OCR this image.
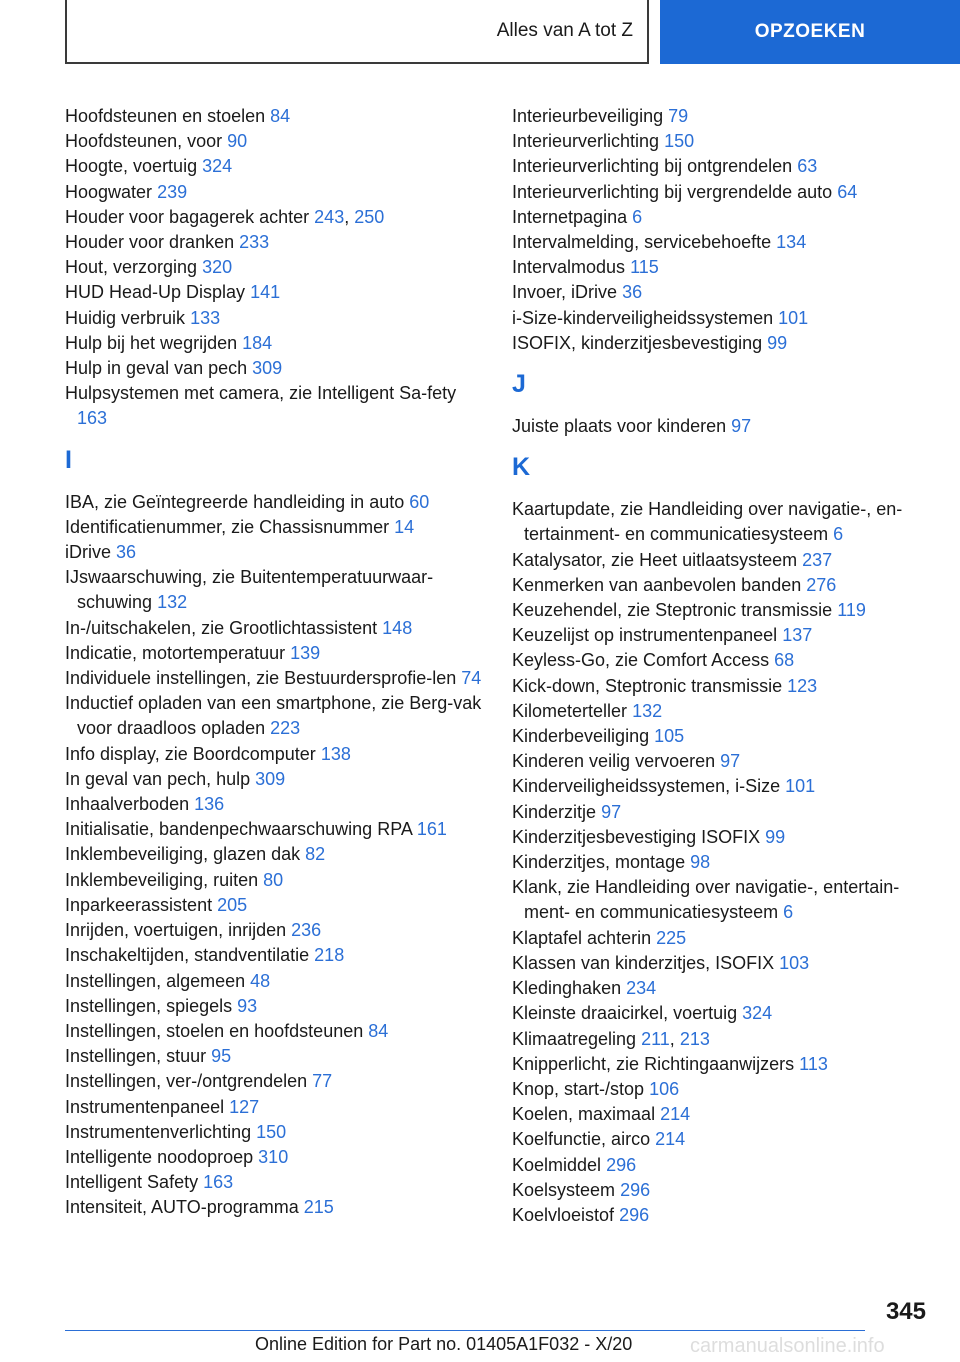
Alles van A tot Z	OPZOEKEN
Hoofdsteunen en stoelen 84
Hoofdsteunen, voor 90
Hoogte, voertuig 324
Hoogwater 239
Houder voor bagagerek achter 243, 250
Houder voor dranken 233
Hout, verzorging 320
HUD Head-Up Display 141
Huidig verbruik 133
Hulp bij het wegrijden 184
Hulp in geval van pech 309
Hulpsystemen met camera, zie Intelligent Sa-fety 163
I
IBA, zie Geïntegreerde handleiding in auto 60
Identificatienummer, zie Chassisnummer 14
iDrive 36
IJswaarschuwing, zie Buitentemperatuurwaar-schuwing 132
In-/uitschakelen, zie Grootlichtassistent 148
Indicatie, motortemperatuur 139
Individuele instellingen, zie Bestuurdersprofie-len 74
Inductief opladen van een smartphone, zie Berg-vak voor draadloos opladen 223
Info display, zie Boordcomputer 138
In geval van pech, hulp 309
Inhaalverboden 136
Initialisatie, bandenpechwaarschuwing RPA 161
Inklembeveiliging, glazen dak 82
Inklembeveiliging, ruiten 80
Inparkeerassistent 205
Inrijden, voertuigen, inrijden 236
Inschakeltijden, standventilatie 218
Instellingen, algemeen 48
Instellingen, spiegels 93
Instellingen, stoelen en hoofdsteunen 84
Instellingen, stuur 95
Instellingen, ver-/ontgrendelen 77
Instrumentenpaneel 127
Instrumentenverlichting 150
Intelligente noodoproep 310
Intelligent Safety 163
Intensiteit, AUTO-programma 215
Interieurbeveiliging 79
Interieurverlichting 150
Interieurverlichting bij ontgrendelen 63
Interieurverlichting bij vergrendelde auto 64
Internetpagina 6
Intervalmelding, servicebehoefte 134
Intervalmodus 115
Invoer, iDrive 36
i-Size-kinderveiligheidssystemen 101
ISOFIX, kinderzitjesbevestiging 99
J
Juiste plaats voor kinderen 97
K
Kaartupdate, zie Handleiding over navigatie-, en-tertainment- en communicatiesysteem 6
Katalysator, zie Heet uitlaatsysteem 237
Kenmerken van aanbevolen banden 276
Keuzehendel, zie Steptronic transmissie 119
Keuzelijst op instrumentenpaneel 137
Keyless-Go, zie Comfort Access 68
Kick-down, Steptronic transmissie 123
Kilometerteller 132
Kinderbeveiliging 105
Kinderen veilig vervoeren 97
Kinderveiligheidssystemen, i-Size 101
Kinderzitje 97
Kinderzitjesbevestiging ISOFIX 99
Kinderzitjes, montage 98
Klank, zie Handleiding over navigatie-, entertain-ment- en communicatiesysteem 6
Klaptafel achterin 225
Klassen van kinderzitjes, ISOFIX 103
Kledinghaken 234
Kleinste draaicirkel, voertuig 324
Klimaatregeling 211, 213
Knipperlicht, zie Richtingaanwijzers 113
Knop, start-/stop 106
Koelen, maximaal 214
Koelfunctie, airco 214
Koelmiddel 296
Koelsysteem 296
Koelvloeistof 296
345
Online Edition for Part no. 01405A1F032 - X/20	carmanualsonline.info
